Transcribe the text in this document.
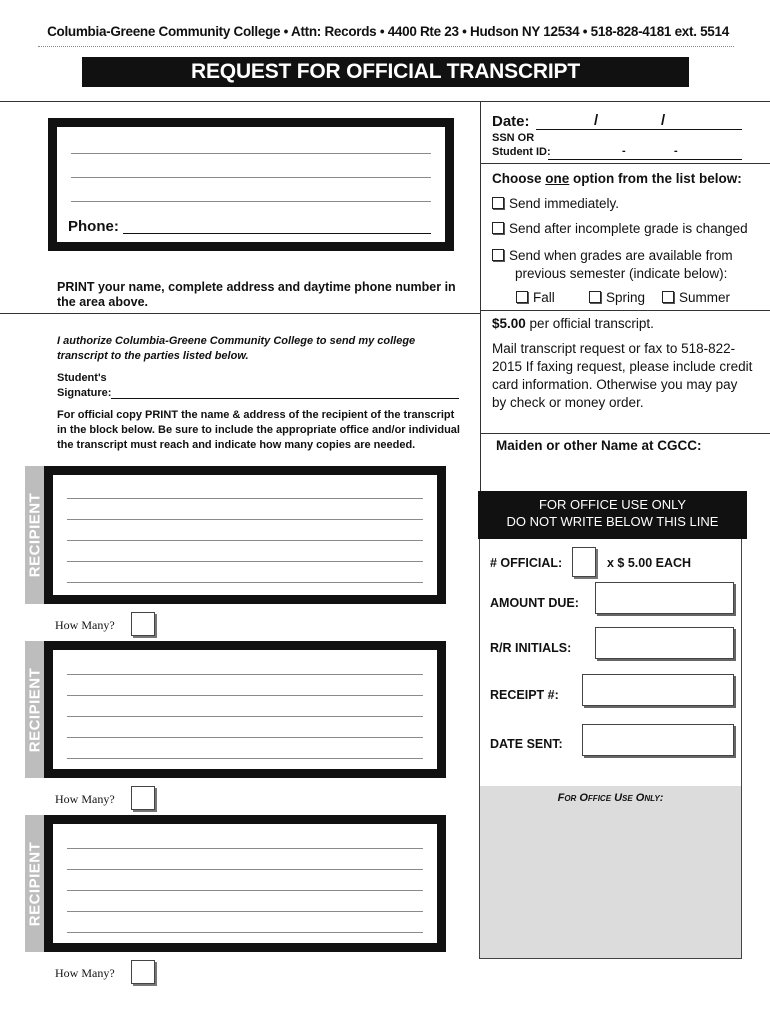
Columbia-Greene Community College • Attn: Records • 4400 Rte 23 • Hudson NY 12534 • 518-828-4181 ext. 5514
REQUEST FOR OFFICIAL TRANSCRIPT
Phone:
PRINT your name, complete address and daytime phone number in the area above.
Date:	/	/
SSN OR
Student ID:	-	-
Choose one option from the list below:
Send immediately.
Send after incomplete grade is changed
Send when grades are available from previous semester (indicate below):
Fall	Spring	Summer
$5.00 per official transcript.
Mail transcript request or fax to 518-822-2015 If faxing request, please include credit card information. Otherwise you may pay by check or money order.
Maiden or other Name at CGCC:
I authorize Columbia-Greene Community College to send my college transcript to the parties listed below.
Student's
Signature:
For official copy PRINT the name & address of the recipient of the transcript in the block below. Be sure to include the appropriate office and/or individual the transcript must reach and indicate how many copies are needed.
RECIPIENT
How Many?
RECIPIENT
How Many?
RECIPIENT
How Many?
FOR OFFICE USE ONLY
DO NOT WRITE BELOW THIS LINE
# OFFICIAL:	x $ 5.00 EACH
AMOUNT DUE:
R/R INITIALS:
RECEIPT #:
DATE SENT:
For Office Use Only:
